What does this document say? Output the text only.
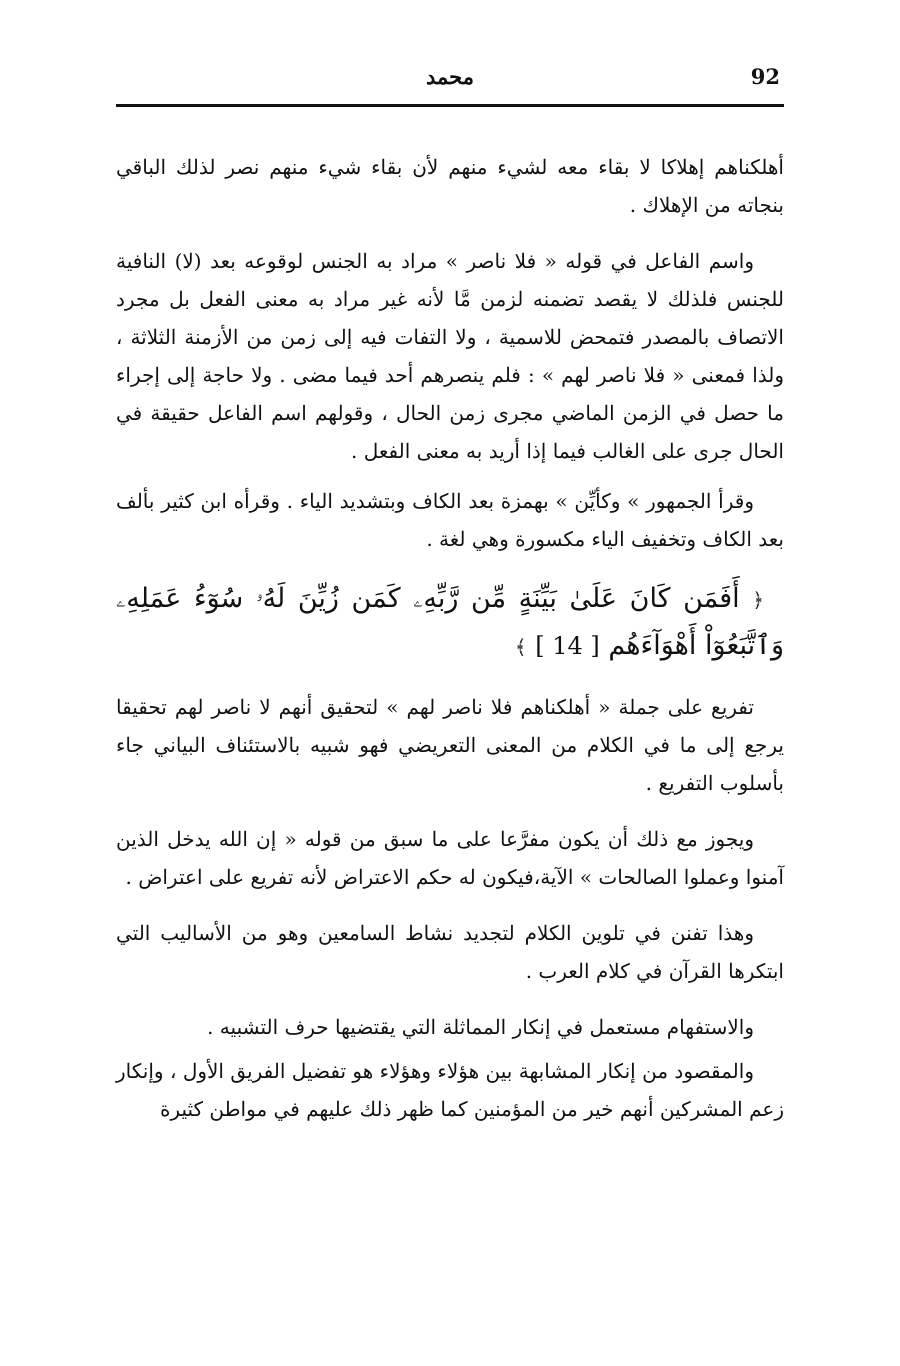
92
محمد

أهلكناهم إهلاكا لا بقاء معه لشيء منهم لأن بقاء شيء منهم نصر لذلك الباقي بنجاته من الإهلاك .

واسم الفاعل في قوله « فلا ناصر » مراد به الجنس لوقوعه بعد (لا) النافية للجنس فلذلك لا يقصد تضمنه لزمن مَّا لأنه غير مراد به معنى الفعل بل مجرد الاتصاف بالمصدر فتمحض للاسمية ، ولا التفات فيه إلى زمن من الأزمنة الثلاثة ، ولذا فمعنى « فلا ناصر لهم » : فلم ينصرهم أحد فيما مضى . ولا حاجة إلى إجراء ما حصل في الزمن الماضي مجرى زمن الحال ، وقولهم اسم الفاعل حقيقة في الحال جرى على الغالب فيما إذا أريد به معنى الفعل .

وقرأ الجمهور » وكأيِّن » بهمزة بعد الكاف وبتشديد الياء . وقرأه ابن كثير بألف بعد الكاف وتخفيف الياء مكسورة وهي لغة .

﴿ أَفَمَن كَانَ عَلَىٰ بَيِّنَةٍ مِّن رَّبِّهِۦ كَمَن زُيِّنَ لَهُۥ سُوٓءُ عَمَلِهِۦ وَٱتَّبَعُوٓاْ أَهْوَآءَهُم [ 14 ] ﴾

تفريع على جملة « أهلكناهم فلا ناصر لهم » لتحقيق أنهم لا ناصر لهم تحقيقا يرجع إلى ما في الكلام من المعنى التعريضي فهو شبيه بالاستئناف البياني جاء بأسلوب التفريع .

ويجوز مع ذلك أن يكون مفرَّعا على ما سبق من قوله « إن الله يدخل الذين آمنوا وعملوا الصالحات » الآية،فيكون له حكم الاعتراض لأنه تفريع على اعتراض .

وهذا تفنن في تلوين الكلام لتجديد نشاط السامعين وهو من الأساليب التي ابتكرها القرآن في كلام العرب .

والاستفهام مستعمل في إنكار المماثلة التي يقتضيها حرف التشبيه .

والمقصود من إنكار المشابهة بين هؤلاء وهؤلاء هو تفضيل الفريق الأول ، وإنكار زعم المشركين أنهم خير من المؤمنين كما ظهر ذلك عليهم في مواطن كثيرة
